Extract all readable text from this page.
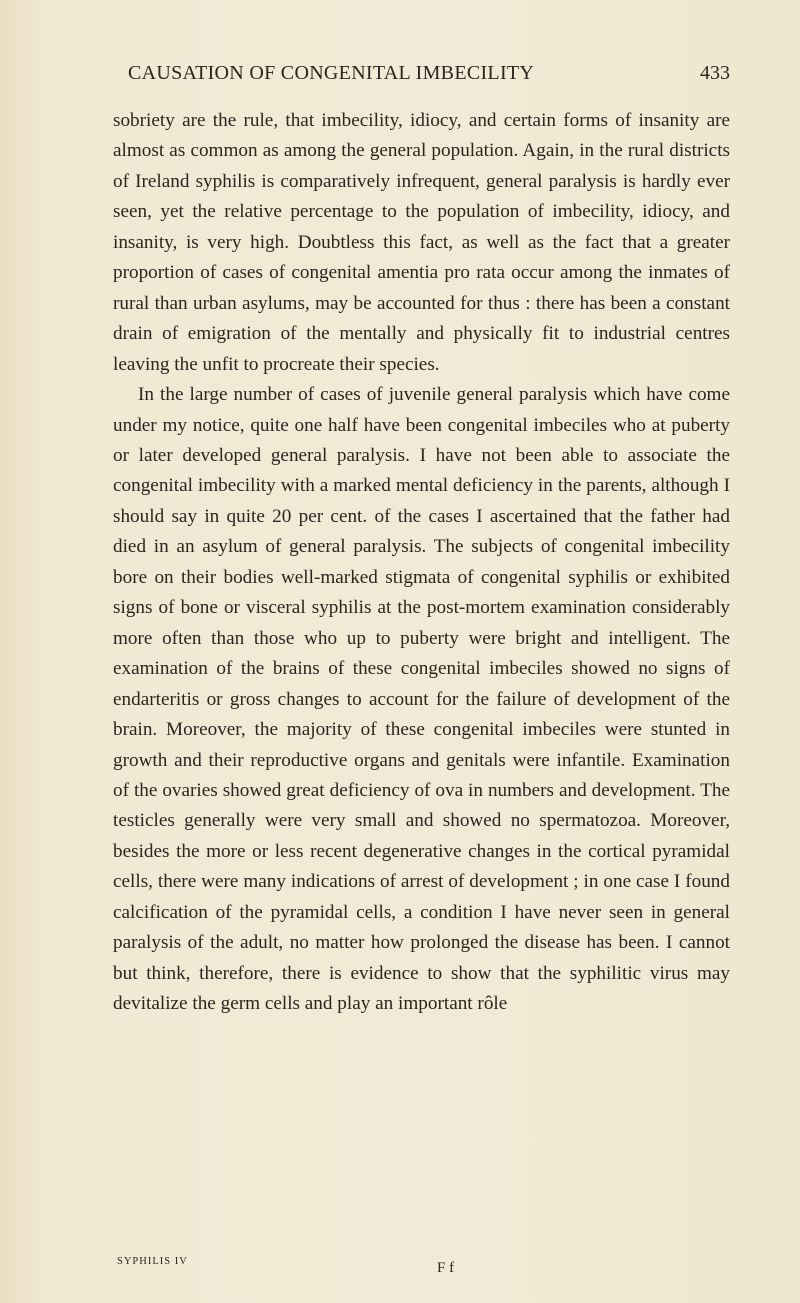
CAUSATION OF CONGENITAL IMBECILITY	433

sobriety are the rule, that imbecility, idiocy, and certain forms of insanity are almost as common as among the general population. Again, in the rural districts of Ireland syphilis is comparatively infrequent, general paralysis is hardly ever seen, yet the relative percentage to the population of imbecility, idiocy, and insanity, is very high. Doubtless this fact, as well as the fact that a greater proportion of cases of congenital amentia pro rata occur among the inmates of rural than urban asylums, may be accounted for thus : there has been a constant drain of emigration of the mentally and physically fit to industrial centres leaving the unfit to procreate their species.

In the large number of cases of juvenile general paralysis which have come under my notice, quite one half have been congenital imbeciles who at puberty or later developed general paralysis. I have not been able to associate the congenital imbecility with a marked mental deficiency in the parents, although I should say in quite 20 per cent. of the cases I ascertained that the father had died in an asylum of general paralysis. The subjects of congenital imbecility bore on their bodies well-marked stigmata of congenital syphilis or exhibited signs of bone or visceral syphilis at the post-mortem examination considerably more often than those who up to puberty were bright and intelligent. The examination of the brains of these congenital imbeciles showed no signs of endarteritis or gross changes to account for the failure of development of the brain. Moreover, the majority of these congenital imbeciles were stunted in growth and their reproductive organs and genitals were infantile. Examination of the ovaries showed great deficiency of ova in numbers and development. The testicles generally were very small and showed no spermatozoa. Moreover, besides the more or less recent degenerative changes in the cortical pyramidal cells, there were many indications of arrest of development ; in one case I found calcification of the pyramidal cells, a condition I have never seen in general paralysis of the adult, no matter how prolonged the disease has been. I cannot but think, therefore, there is evidence to show that the syphilitic virus may devitalize the germ cells and play an important rôle

SYPHILIS IV	F f
